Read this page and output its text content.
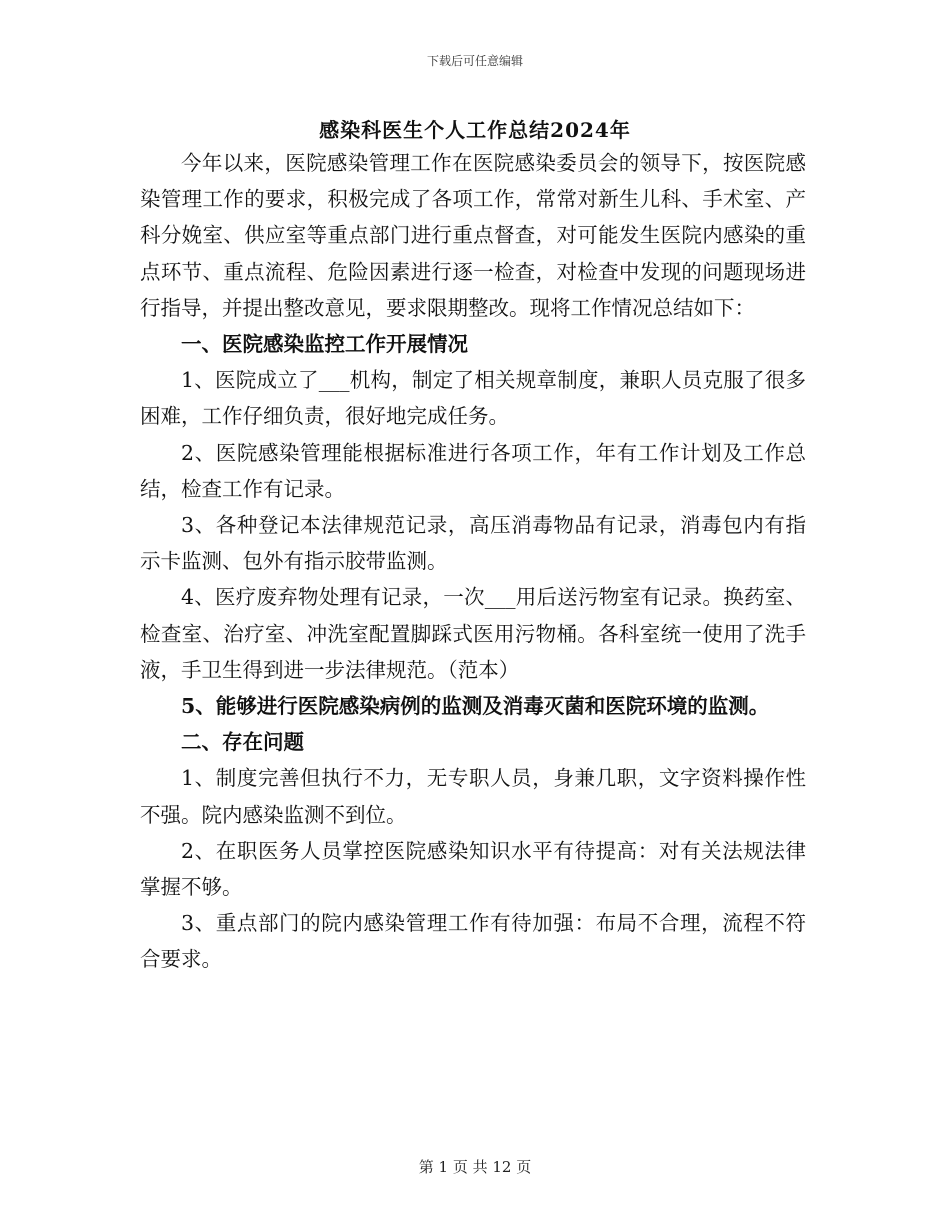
下载后可任意编辑
感染科医生个人工作总结2024年

今年以来，医院感染管理工作在医院感染委员会的领导下，按医院感染管理工作的要求，积极完成了各项工作，常常对新生儿科、手术室、产科分娩室、供应室等重点部门进行重点督查，对可能发生医院内感染的重点环节、重点流程、危险因素进行逐一检查，对检查中发现的问题现场进行指导，并提出整改意见，要求限期整改。现将工作情况总结如下：

一、医院感染监控工作开展情况

1、医院成立了___机构，制定了相关规章制度，兼职人员克服了很多困难，工作仔细负责，很好地完成任务。

2、医院感染管理能根据标准进行各项工作，年有工作计划及工作总结，检查工作有记录。

3、各种登记本法律规范记录，高压消毒物品有记录，消毒包内有指示卡监测、包外有指示胶带监测。

4、医疗废弃物处理有记录，一次___用后送污物室有记录。换药室、检查室、治疗室、冲洗室配置脚踩式医用污物桶。各科室统一使用了洗手液，手卫生得到进一步法律规范。（范本）

5、能够进行医院感染病例的监测及消毒灭菌和医院环境的监测。

二、存在问题

1、制度完善但执行不力，无专职人员，身兼几职，文字资料操作性不强。院内感染监测不到位。

2、在职医务人员掌控医院感染知识水平有待提高：对有关法规法律掌握不够。

3、重点部门的院内感染管理工作有待加强：布局不合理，流程不符合要求。

第 1 页 共 12 页
